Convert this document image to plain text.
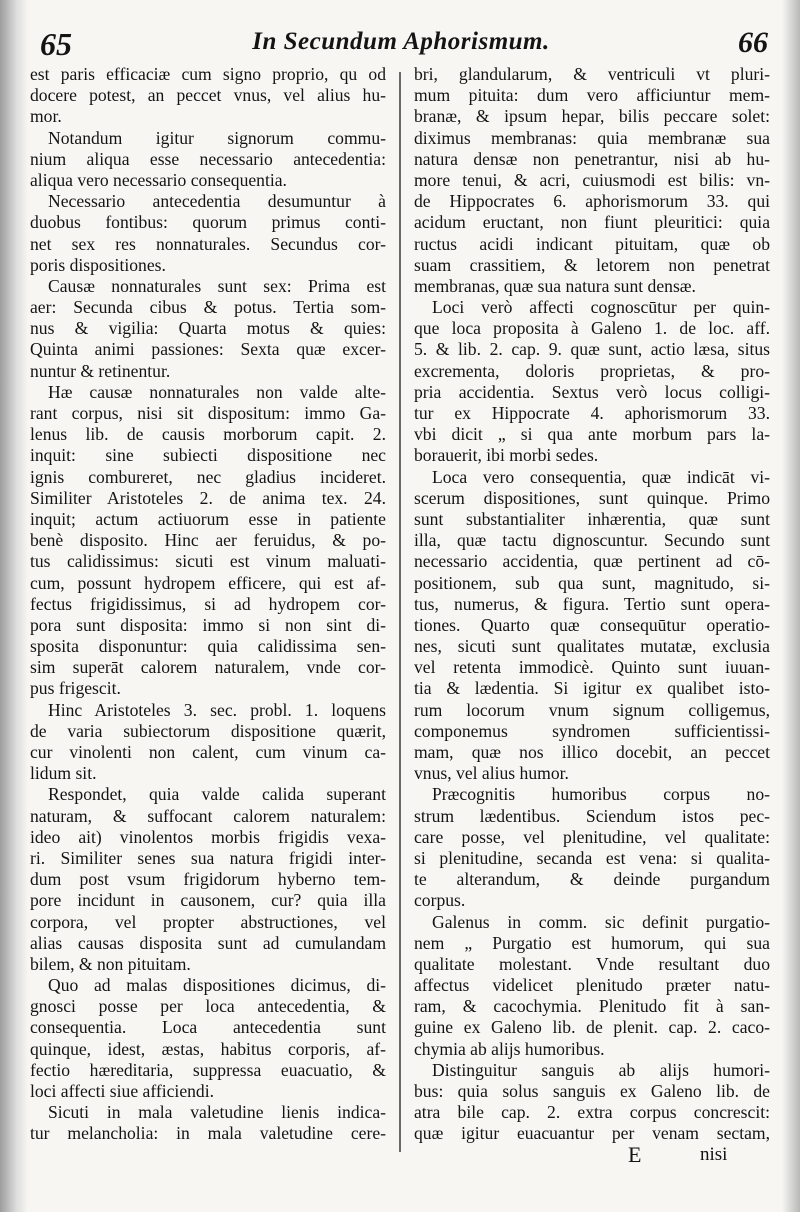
65	In Secundum Aphorismum.	66
est paris efficaciæ cum signo proprio, qu od
docere potest, an peccet vnus, vel alius hu-
mor.
Notandum igitur signorum commu-
nium aliqua esse necessario antecedentia:
aliqua vero necessario consequentia.
Necessario antecedentia desumuntur à
duobus fontibus: quorum primus conti-
net sex res nonnaturales. Secundus cor-
poris dispositiones.
Causæ nonnaturales sunt sex: Prima est
aer: Secunda cibus & potus. Tertia som-
nus & vigilia: Quarta motus & quies:
Quinta animi passiones: Sexta quæ excer-
nuntur & retinentur.
Hæ causæ nonnaturales non valde alte-
rant corpus, nisi sit dispositum: immo Ga-
lenus lib. de causis morborum capit. 2.
inquit: sine subiecti dispositione nec
ignis combureret, nec gladius incideret.
Similiter Aristoteles 2. de anima tex. 24.
inquit; actum actiuorum esse in patiente
benè disposito. Hinc aer feruidus, & po-
tus calidissimus: sicuti est vinum maluati-
cum, possunt hydropem efficere, qui est af-
fectus frigidissimus, si ad hydropem cor-
pora sunt disposita: immo si non sint di-
sposita disponuntur: quia calidissima sen-
sim superāt calorem naturalem, vnde cor-
pus frigescit.
Hinc Aristoteles 3. sec. probl. 1. loquens
de varia subiectorum dispositione quærit,
cur vinolenti non calent, cum vinum ca-
lidum sit.
Respondet, quia valde calida superant
naturam, & suffocant calorem naturalem:
ideo ait) vinolentos morbis frigidis vexa-
ri. Similiter senes sua natura frigidi inter-
dum post vsum frigidorum hyberno tem-
pore incidunt in causonem, cur? quia illa
corpora, vel propter abstructiones, vel
alias causas disposita sunt ad cumulandam
bilem, & non pituitam.
Quo ad malas dispositiones dicimus, di-
gnosci posse per loca antecedentia, &
consequentia. Loca antecedentia sunt
quinque, idest, æstas, habitus corporis, af-
fectio hæreditaria, suppressa euacuatio, &
loci affecti siue afficiendi.
Sicuti in mala valetudine lienis indica-
tur melancholia: in mala valetudine cere-
bri, glandularum, & ventriculi vt pluri-
mum pituita: dum vero afficiuntur mem-
branæ, & ipsum hepar, bilis peccare solet:
diximus membranas: quia membranæ sua
natura densæ non penetrantur, nisi ab hu-
more tenui, & acri, cuiusmodi est bilis: vn-
de Hippocrates 6. aphorismorum 33. qui
acidum eructant, non fiunt pleuritici: quia
ructus acidi indicant pituitam, quæ ob
suam crassitiem, & letorem non penetrat
membranas, quæ sua natura sunt densæ.
Loci verò affecti cognoscūtur per quin-
que loca proposita à Galeno 1. de loc. aff.
5. & lib. 2. cap. 9. quæ sunt, actio læsa, situs
excrementa, doloris proprietas, & pro-
pria accidentia. Sextus verò locus colligi-
tur ex Hippocrate 4. aphorismorum 33.
vbi dicit „ si qua ante morbum pars la-
borauerit, ibi morbi sedes.
Loca vero consequentia, quæ indicāt vi-
scerum dispositiones, sunt quinque. Primo
sunt substantialiter inhærentia, quæ sunt
illa, quæ tactu dignoscuntur. Secundo sunt
necessario accidentia, quæ pertinent ad cō-
positionem, sub qua sunt, magnitudo, si-
tus, numerus, & figura. Tertio sunt opera-
tiones. Quarto quæ consequūtur operatio-
nes, sicuti sunt qualitates mutatæ, exclusia
vel retenta immodicè. Quinto sunt iuuan-
tia & lædentia. Si igitur ex qualibet isto-
rum locorum vnum signum colligemus,
componemus syndromen sufficientissi-
mam, quæ nos illico docebit, an peccet
vnus, vel alius humor.
Præcognitis humoribus corpus no-
strum lædentibus. Sciendum istos pec-
care posse, vel plenitudine, vel qualitate:
si plenitudine, secanda est vena: si qualita-
te alterandum, & deinde purgandum
corpus.
Galenus in comm. sic definit purgatio-
nem „ Purgatio est humorum, qui sua
qualitate molestant. Vnde resultant duo
affectus videlicet plenitudo præter natu-
ram, & cacochymia. Plenitudo fit à san-
guine ex Galeno lib. de plenit. cap. 2. caco-
chymia ab alijs humoribus.
Distinguitur sanguis ab alijs humori-
bus: quia solus sanguis ex Galeno lib. de
atra bile cap. 2. extra corpus concrescit:
quæ igitur euacuantur per venam sectam,
E	nisi
